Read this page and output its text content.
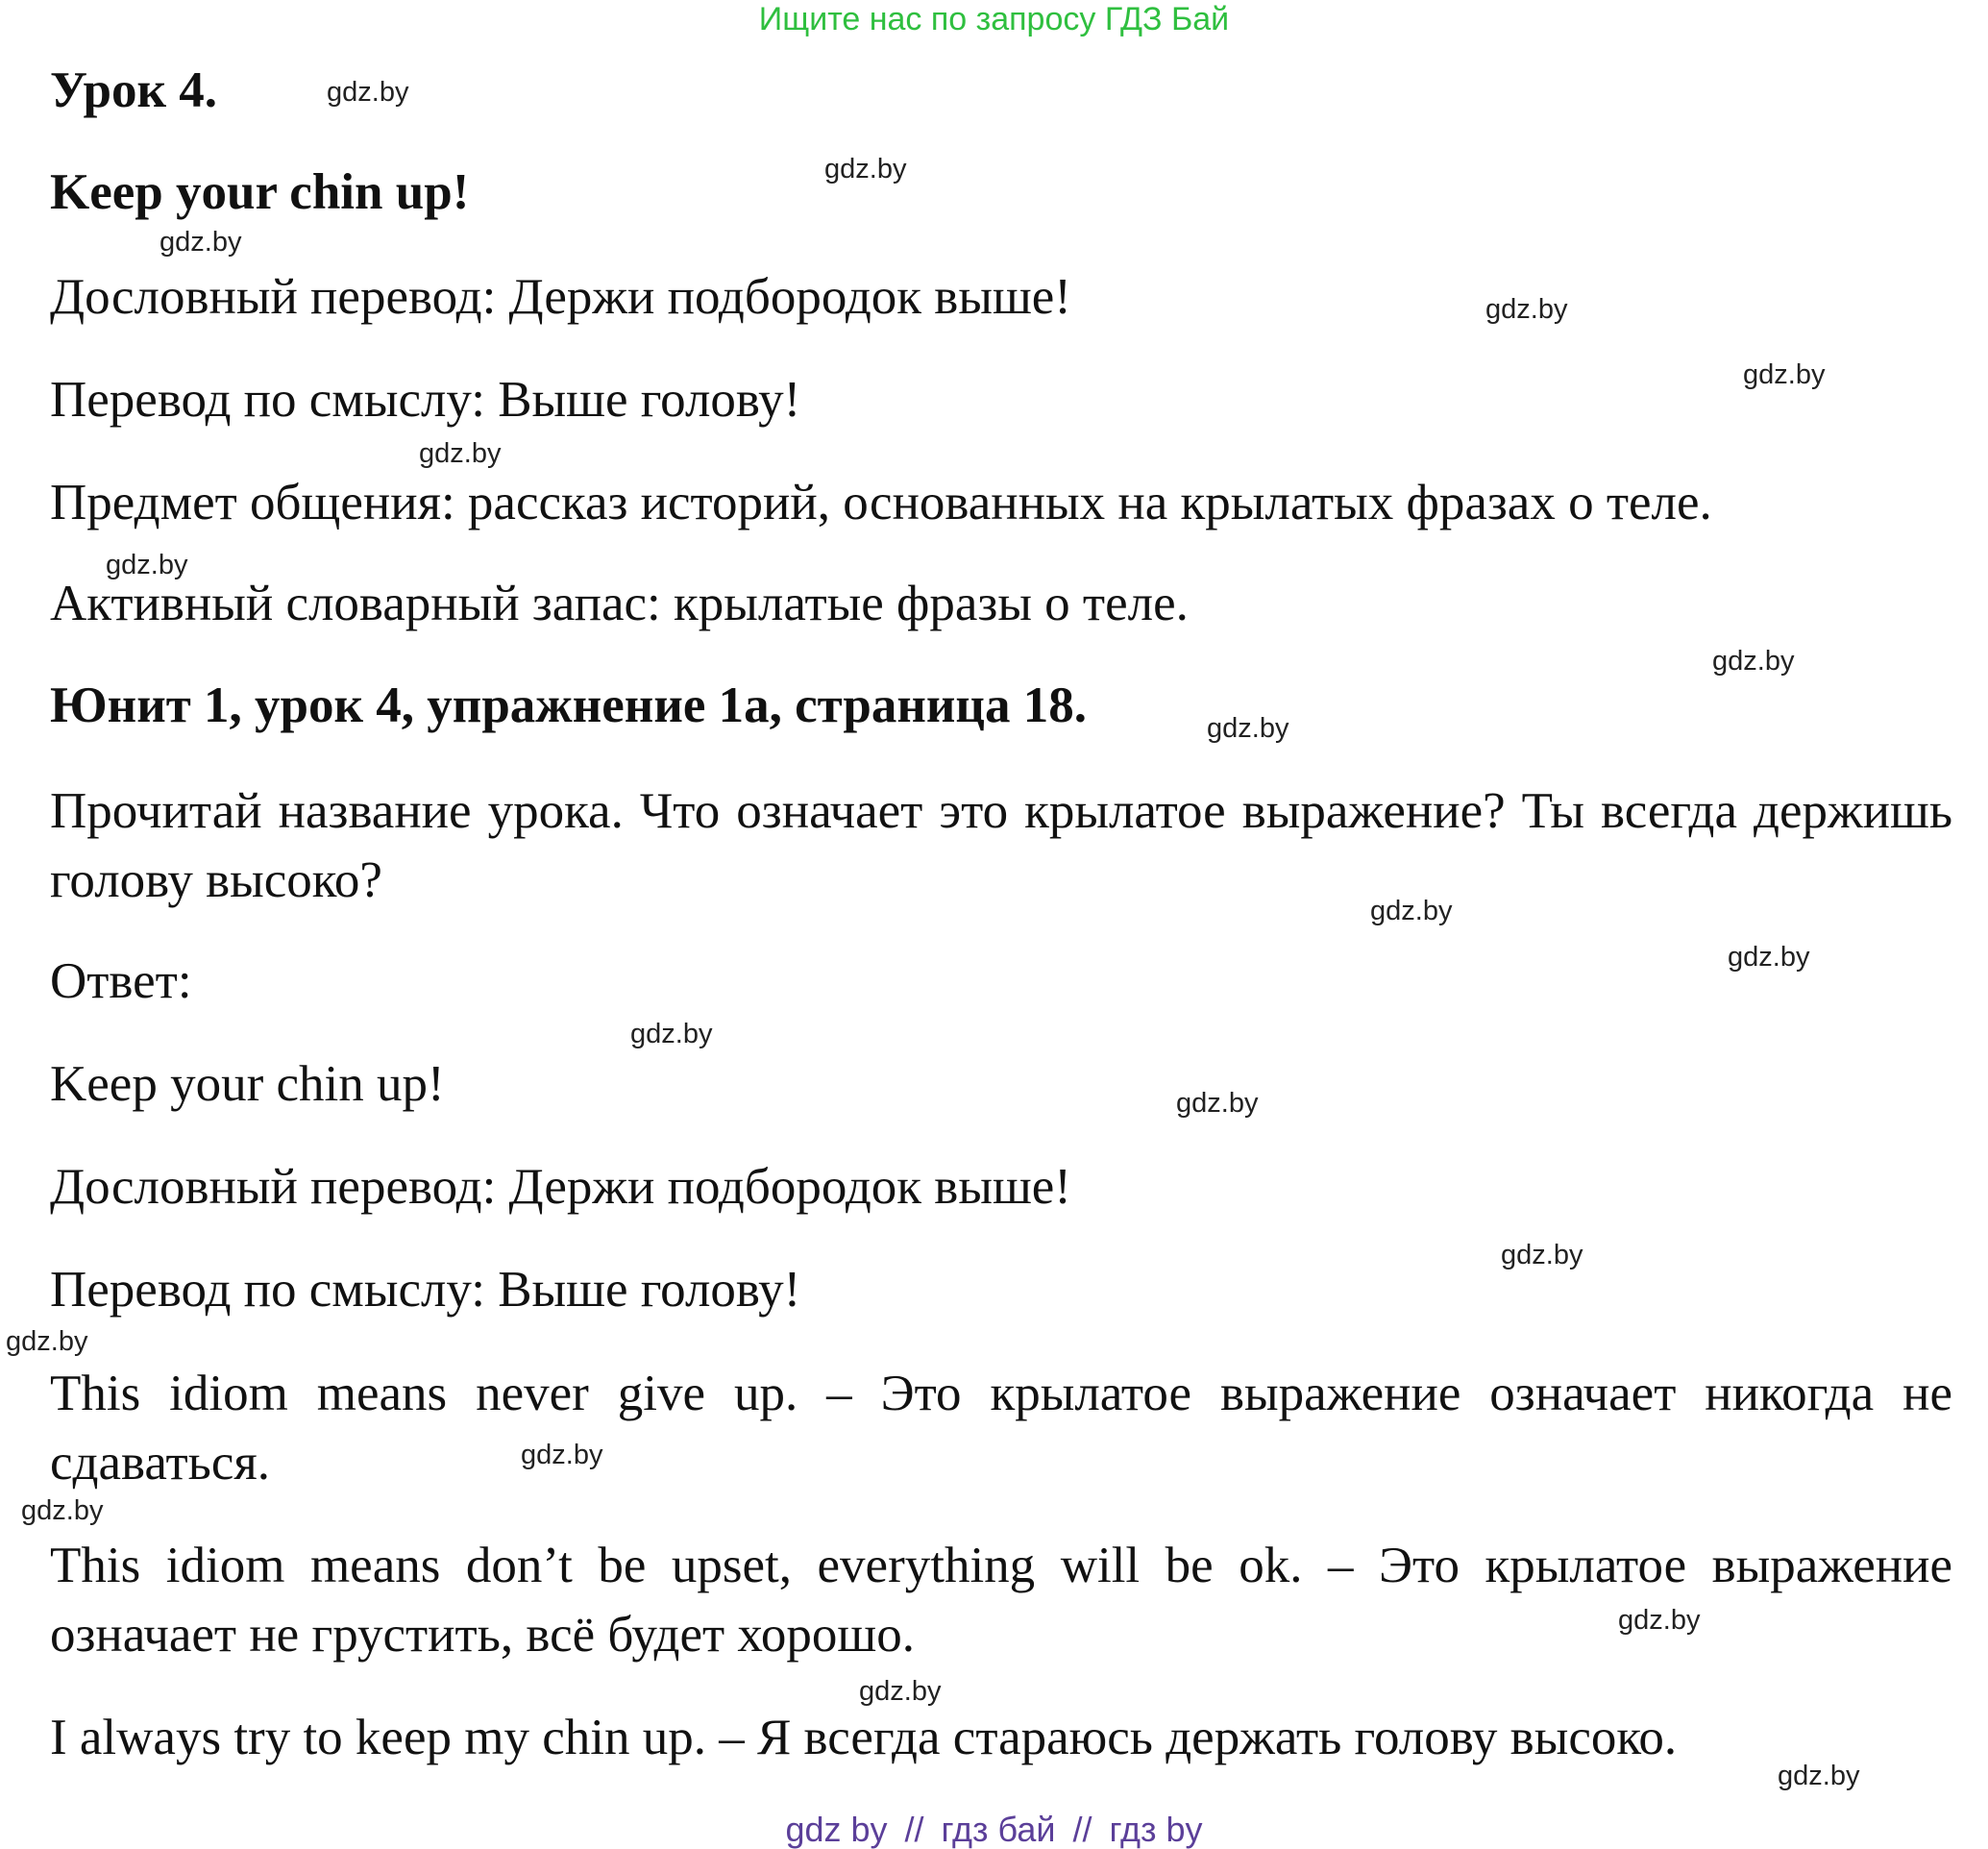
Ищите нас по запросу ГДЗ Бай
Урок 4.
Keep your chin up!
Дословный перевод: Держи подбородок выше!
Перевод по смыслу: Выше голову!
Предмет общения: рассказ историй, основанных на крылатых фразах о теле.
Активный словарный запас: крылатые фразы о теле.
Юнит 1, урок 4, упражнение 1а, страница 18.
Прочитай название урока. Что означает это крылатое выражение? Ты всегда держишь голову высоко?
Ответ:
Keep your chin up!
Дословный перевод: Держи подбородок выше!
Перевод по смыслу: Выше голову!
This idiom means never give up. – Это крылатое выражение означает никогда не сдаваться.
This idiom means don’t be upset, everything will be ok. – Это крылатое выражение означает не грустить, всё будет хорошо.
I always try to keep my chin up. – Я всегда стараюсь держать голову высоко.
gdz.by
gdz.by
gdz.by
gdz.by
gdz.by
gdz.by
gdz.by
gdz.by
gdz.by
gdz.by
gdz.by
gdz.by
gdz.by
gdz.by
gdz.by
gdz.by
gdz.by
gdz.by
gdz.by
gdz.by
gdz by // гдз бай // гдз by
